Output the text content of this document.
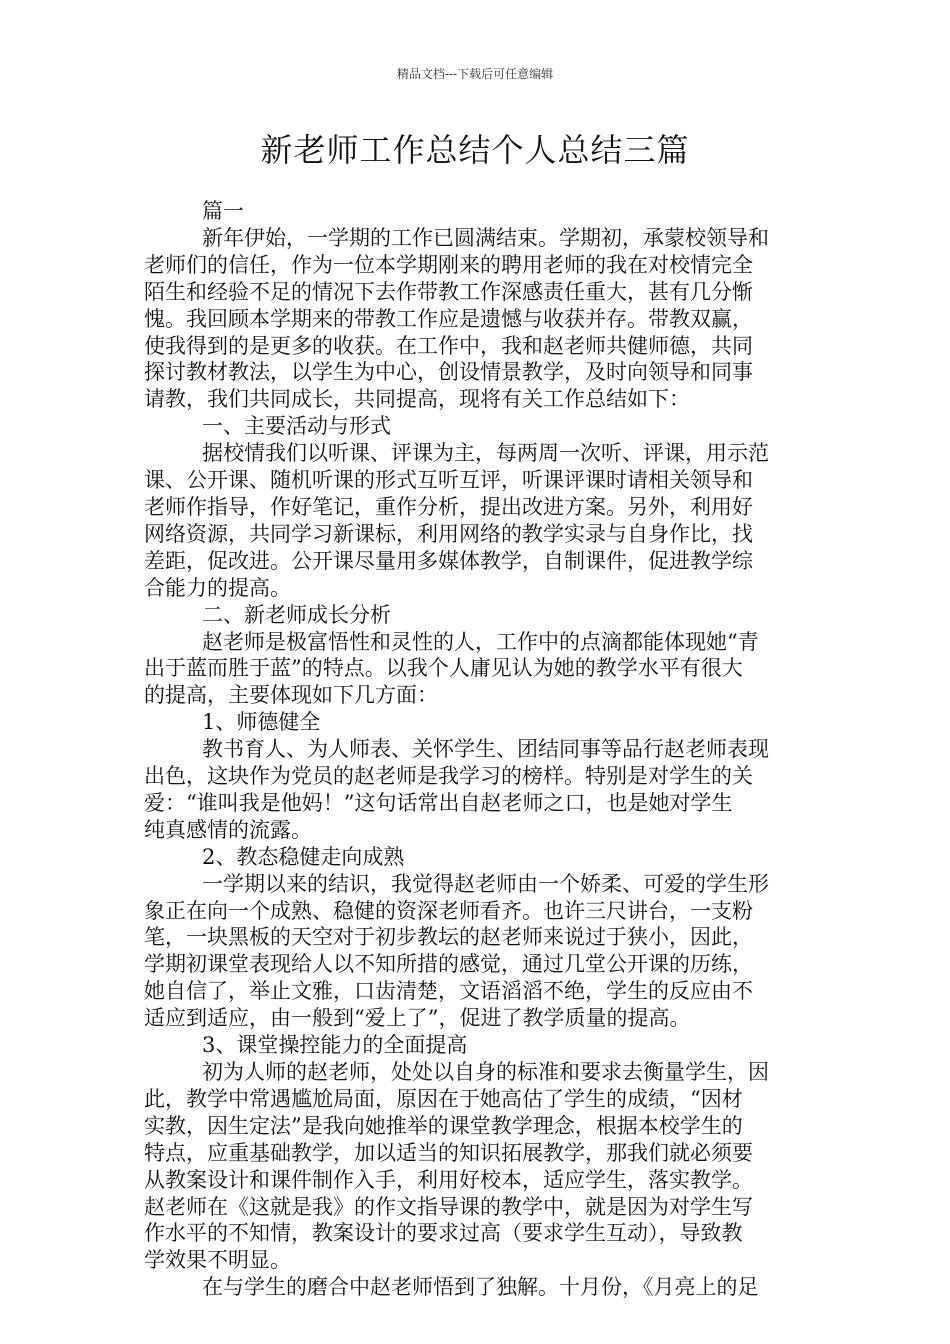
精品文档---下载后可任意编辑
新老师工作总结个人总结三篇
篇一
新年伊始，一学期的工作已圆满结束。学期初，承蒙校领导和
老师们的信任，作为一位本学期刚来的聘用老师的我在对校情完全
陌生和经验不足的情况下去作带教工作深感责任重大，甚有几分惭
愧。我回顾本学期来的带教工作应是遗憾与收获并存。带教双赢，
使我得到的是更多的收获。在工作中，我和赵老师共健师德，共同
探讨教材教法，以学生为中心，创设情景教学，及时向领导和同事
请教，我们共同成长，共同提高，现将有关工作总结如下：
一、主要活动与形式
据校情我们以听课、评课为主，每两周一次听、评课，用示范
课、公开课、随机听课的形式互听互评，听课评课时请相关领导和
老师作指导，作好笔记，重作分析，提出改进方案。另外，利用好
网络资源，共同学习新课标，利用网络的教学实录与自身作比，找
差距，促改进。公开课尽量用多媒体教学，自制课件，促进教学综
合能力的提高。
二、新老师成长分析
赵老师是极富悟性和灵性的人，工作中的点滴都能体现她“青
出于蓝而胜于蓝”的特点。以我个人庸见认为她的教学水平有很大
的提高，主要体现如下几方面：
1、师德健全
教书育人、为人师表、关怀学生、团结同事等品行赵老师表现
出色，这块作为党员的赵老师是我学习的榜样。特别是对学生的关
爱：“谁叫我是他妈！”这句话常出自赵老师之口，也是她对学生
纯真感情的流露。
2、教态稳健走向成熟
一学期以来的结识，我觉得赵老师由一个娇柔、可爱的学生形
象正在向一个成熟、稳健的资深老师看齐。也许三尺讲台，一支粉
笔，一块黑板的天空对于初步教坛的赵老师来说过于狭小，因此，
学期初课堂表现给人以不知所措的感觉，通过几堂公开课的历练，
她自信了，举止文雅，口齿清楚，文语滔滔不绝，学生的反应由不
适应到适应，由一般到“爱上了”，促进了教学质量的提高。
3、课堂操控能力的全面提高
初为人师的赵老师，处处以自身的标准和要求去衡量学生，因
此，教学中常遇尴尬局面，原因在于她高估了学生的成绩，“因材
实教，因生定法”是我向她推举的课堂教学理念，根据本校学生的
特点，应重基础教学，加以适当的知识拓展教学，那我们就必须要
从教案设计和课件制作入手，利用好校本，适应学生，落实教学。
赵老师在《这就是我》的作文指导课的教学中，就是因为对学生写
作水平的不知情，教案设计的要求过高（要求学生互动），导致教
学效果不明显。
在与学生的磨合中赵老师悟到了独解。十月份，《月亮上的足
